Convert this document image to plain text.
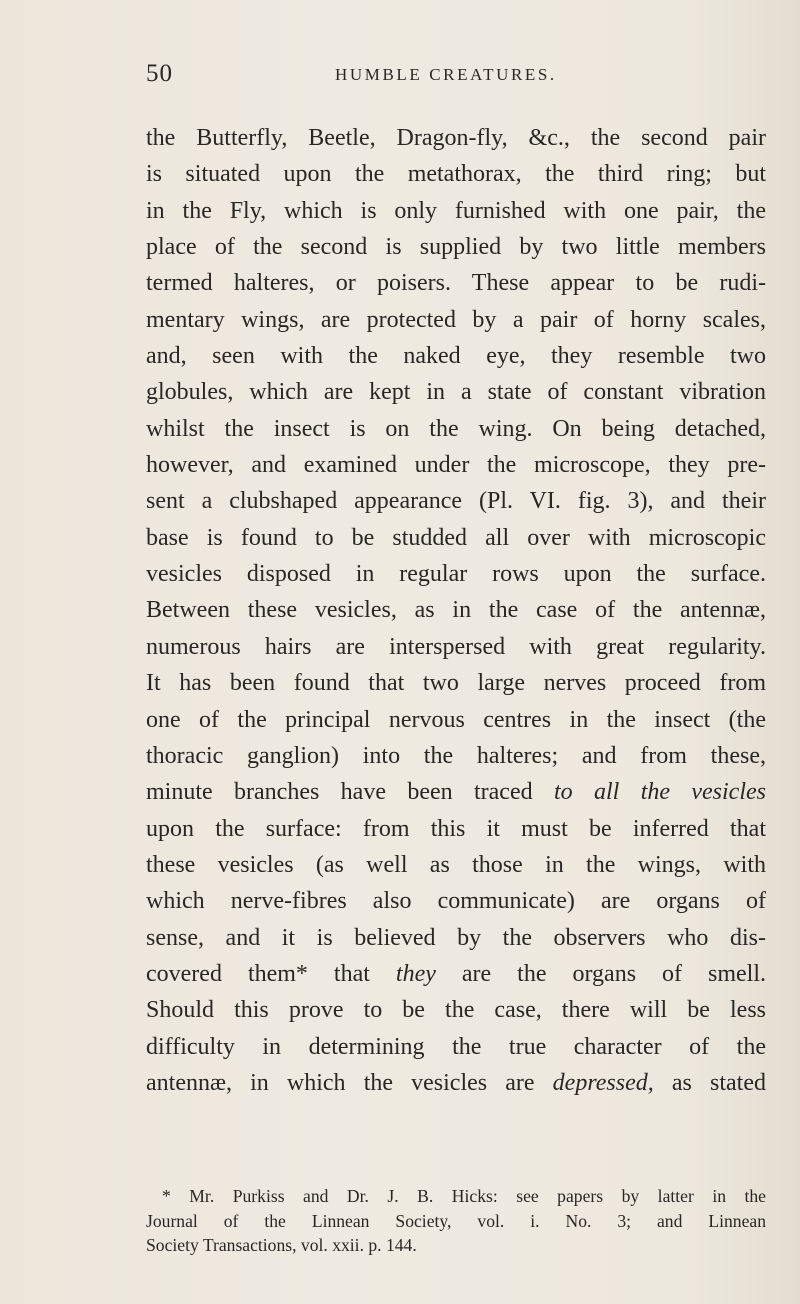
50	HUMBLE CREATURES.
the Butterfly, Beetle, Dragon-fly, &c., the second pair
is situated upon the metathorax, the third ring; but
in the Fly, which is only furnished with one pair, the
place of the second is supplied by two little members
termed halteres, or poisers. These appear to be rudi-
mentary wings, are protected by a pair of horny scales,
and, seen with the naked eye, they resemble two
globules, which are kept in a state of constant vibration
whilst the insect is on the wing. On being detached,
however, and examined under the microscope, they pre-
sent a clubshaped appearance (Pl. VI. fig. 3), and their
base is found to be studded all over with microscopic
vesicles disposed in regular rows upon the surface.
Between these vesicles, as in the case of the antennæ,
numerous hairs are interspersed with great regularity.
It has been found that two large nerves proceed from
one of the principal nervous centres in the insect (the
thoracic ganglion) into the halteres; and from these,
minute branches have been traced to all the vesicles
upon the surface: from this it must be inferred that
these vesicles (as well as those in the wings, with
which nerve-fibres also communicate) are organs of
sense, and it is believed by the observers who dis-
covered them* that they are the organs of smell.
Should this prove to be the case, there will be less
difficulty in determining the true character of the
antennæ, in which the vesicles are depressed, as stated
* Mr. Purkiss and Dr. J. B. Hicks: see papers by latter in the
Journal of the Linnean Society, vol. i. No. 3; and Linnean
Society Transactions, vol. xxii. p. 144.
